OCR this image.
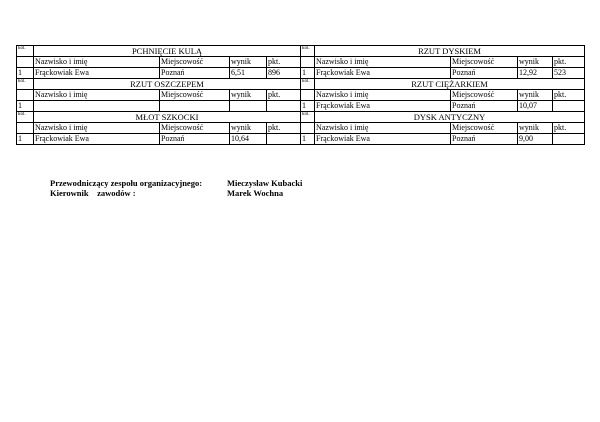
kol.	PCHNIĘCIE KULĄ				kol.	RZUT DYSKIEM			
	Nazwisko i imię	Miejscowość	wynik	pkt.		Nazwisko i imię	Miejscowość	wynik	pkt.
1	Frąckowiak Ewa	Poznań	6,51	896	1	Frąckowiak Ewa	Poznań	12,92	523
kol.	RZUT OSZCZEPEM				kol.	RZUT CIĘŻARKIEM			
	Nazwisko i imię	Miejscowość	wynik	pkt.		Nazwisko i imię	Miejscowość	wynik	pkt.
1					1	Frąckowiak Ewa	Poznań	10,07	
kol.	MŁOT SZKOCKI				kol.	DYSK ANTYCZNY			
	Nazwisko i imię	Miejscowość	wynik	pkt.		Nazwisko i imię	Miejscowość	wynik	pkt.
1	Frąckowiak Ewa	Poznań	10,64		1	Frąckowiak Ewa	Poznań	9,00	
Przewodniczący zespołu organizacyjnego:	Mieczysław Kubacki
Kierownik    zawodów :	Marek Wochna
